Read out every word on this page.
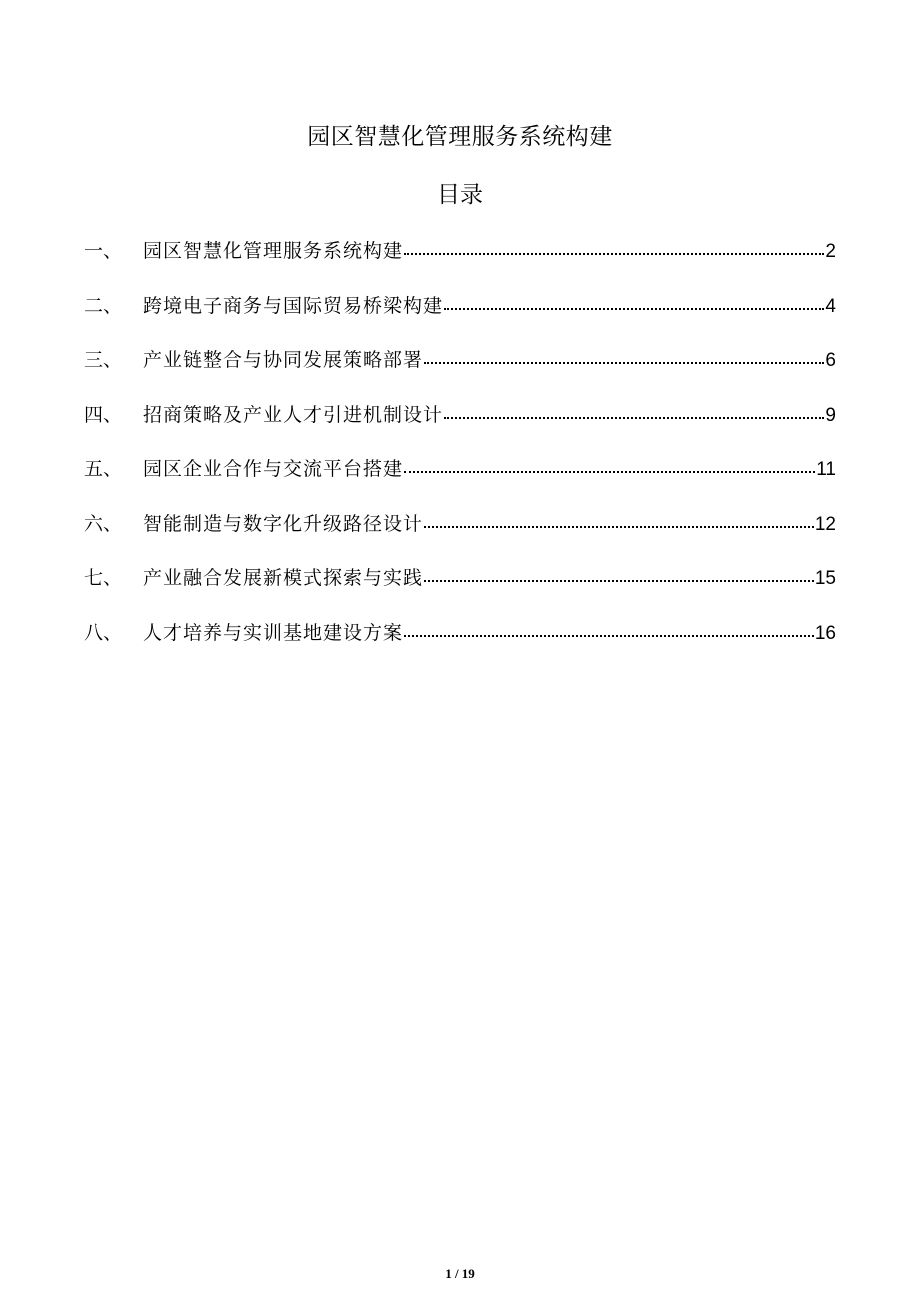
园区智慧化管理服务系统构建
目录
一、	园区智慧化管理服务系统构建	2
二、	跨境电子商务与国际贸易桥梁构建	4
三、	产业链整合与协同发展策略部署	6
四、	招商策略及产业人才引进机制设计	9
五、	园区企业合作与交流平台搭建	11
六、	智能制造与数字化升级路径设计	12
七、	产业融合发展新模式探索与实践	15
八、	人才培养与实训基地建设方案	16
1 / 19
